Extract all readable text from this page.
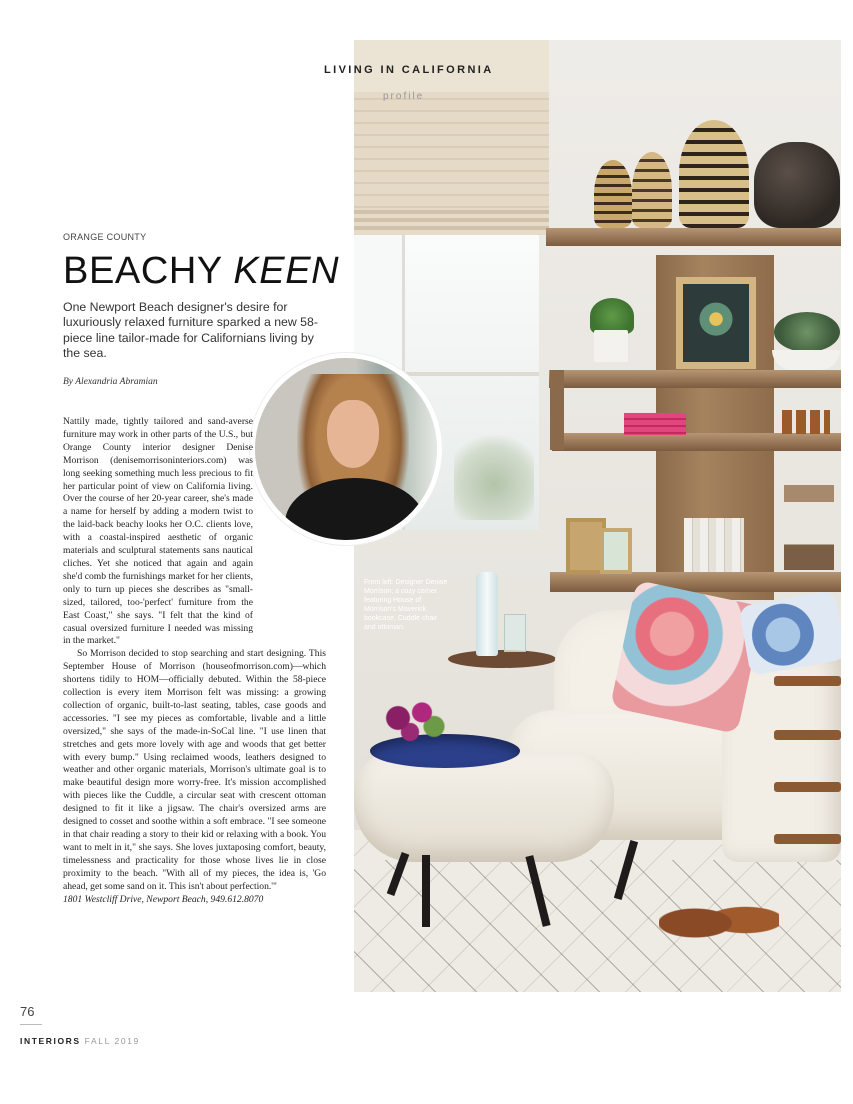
LIVING IN CALIFORNIA
profile
ORANGE COUNTY
BEACHY KEEN
One Newport Beach designer's desire for luxuriously relaxed furniture sparked a new 58-piece line tailor-made for Californians living by the sea.
By Alexandria Abramian
From left: Designer Denise Morrison; a cozy corner featuring House of Morrison's Maverick bookcase, Cuddle chair and ottoman.

Nattily made, tightly tailored and sand-averse furniture may work in other parts of the U.S., but Orange County interior designer Denise Morrison (denisemorrisoninteriors.com) was long seeking something much less precious to fit her particular point of view on California living. Over the course of her 20-year career, she's made a name for herself by adding a modern twist to the laid-back beachy looks her O.C. clients love, with a coastal-inspired aesthetic of organic materials and sculptural statements sans nautical cliches. Yet she noticed that again and again she'd comb the furnishings market for her clients, only to turn up pieces she describes as "small-sized, tailored, too-'perfect' furniture from the East Coast," she says. "I felt that the kind of casual oversized furniture I needed was missing in the market."

So Morrison decided to stop searching and start designing. This September House of Morrison (houseofmorrison.com)—which shortens tidily to HOM—officially debuted. Within the 58-piece collection is every item Morrison felt was missing: a growing collection of organic, built-to-last seating, tables, case goods and accessories. "I see my pieces as comfortable, livable and a little oversized," she says of the made-in-SoCal line. "I use linen that stretches and gets more lovely with age and woods that get better with every bump." Using reclaimed woods, leathers designed to weather and other organic materials, Morrison's ultimate goal is to make beautiful design more worry-free. It's mission accomplished with pieces like the Cuddle, a circular seat with crescent ottoman designed to fit it like a jigsaw. The chair's oversized arms are designed to cosset and soothe within a soft embrace. "I see someone in that chair reading a story to their kid or relaxing with a book. You want to melt in it," she says. She loves juxtaposing comfort, beauty, timelessness and practicality for those whose lives lie in close proximity to the beach. "With all of my pieces, the idea is, 'Go ahead, get some sand on it. This isn't about perfection.'"

1801 Westcliff Drive, Newport Beach, 949.612.8070
76
INTERIORS FALL 2019
